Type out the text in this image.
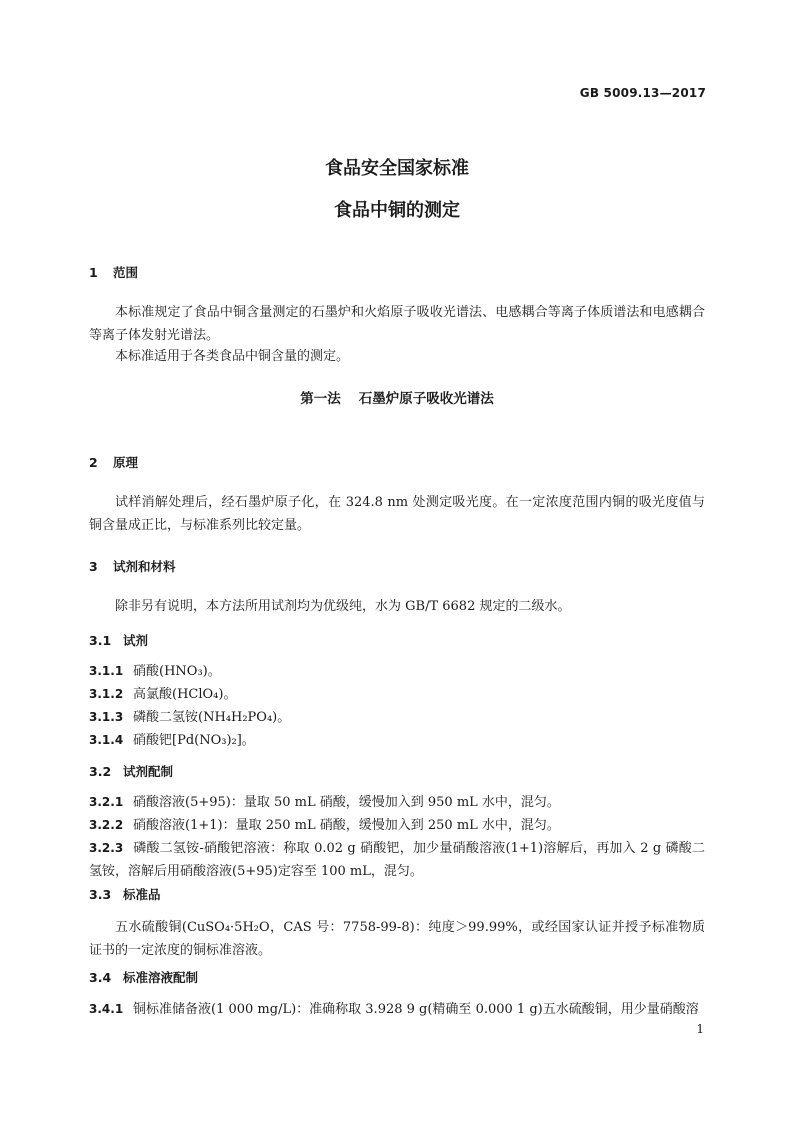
GB 5009.13—2017
食品安全国家标准
食品中铜的测定
1 范围
本标准规定了食品中铜含量测定的石墨炉和火焰原子吸收光谱法、电感耦合等离子体质谱法和电感耦合等离子体发射光谱法。
本标准适用于各类食品中铜含量的测定。
第一法 石墨炉原子吸收光谱法
2 原理
试样消解处理后，经石墨炉原子化，在 324.8 nm 处测定吸光度。在一定浓度范围内铜的吸光度值与铜含量成正比，与标准系列比较定量。
3 试剂和材料
除非另有说明，本方法所用试剂均为优级纯，水为 GB/T 6682 规定的二级水。
3.1 试剂
3.1.1 硝酸(HNO₃)。
3.1.2 高氯酸(HClO₄)。
3.1.3 磷酸二氢铵(NH₄H₂PO₄)。
3.1.4 硝酸钯[Pd(NO₃)₂]。
3.2 试剂配制
3.2.1 硝酸溶液(5+95)：量取 50 mL 硝酸，缓慢加入到 950 mL 水中，混匀。
3.2.2 硝酸溶液(1+1)：量取 250 mL 硝酸，缓慢加入到 250 mL 水中，混匀。
3.2.3 磷酸二氢铵-硝酸钯溶液：称取 0.02 g 硝酸钯，加少量硝酸溶液(1+1)溶解后，再加入 2 g 磷酸二氢铵，溶解后用硝酸溶液(5+95)定容至 100 mL，混匀。
3.3 标准品
五水硫酸铜(CuSO₄·5H₂O，CAS 号：7758-99-8)：纯度＞99.99%，或经国家认证并授予标准物质证书的一定浓度的铜标准溶液。
3.4 标准溶液配制
3.4.1 铜标准储备液(1 000 mg/L)：准确称取 3.928 9 g(精确至 0.000 1 g)五水硫酸铜，用少量硝酸溶
1
